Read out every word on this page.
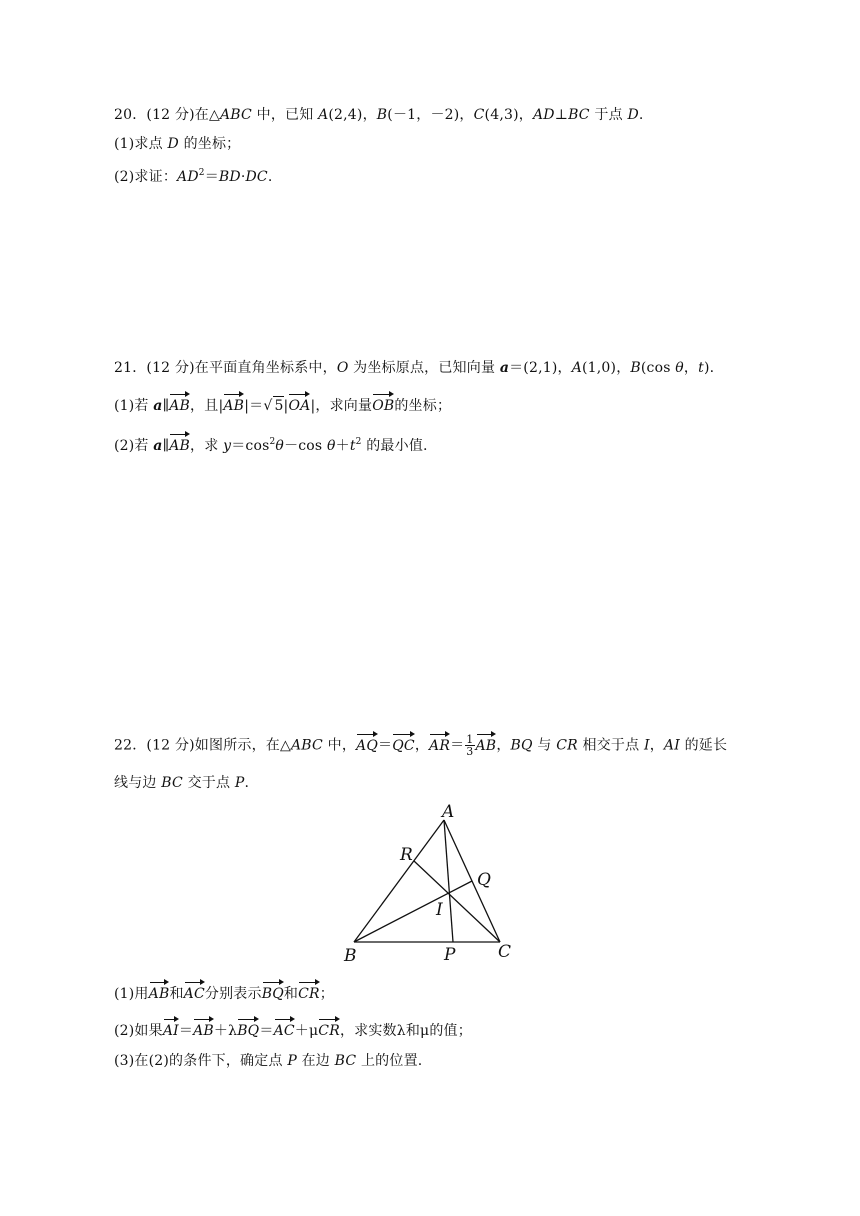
20．(12 分)在△ABC 中，已知 A(2,4)，B(－1，－2)，C(4,3)，AD⊥BC 于点 D.
(1)求点 D 的坐标；
(2)求证：$AD^2=BD\cdot DC$.
21．(12 分)在平面直角坐标系中，O 为坐标原点，已知向量 a＝(2,1)，A(1,0)，B(cos θ，t).
(1)若 a∥AB，且|AB|＝√ 5|OA|，求向量OB的坐标；
(2)若 a∥AB，求 $y=\cos^2\theta-\cos$ $\theta+t^2$ 的最小值.
22．(12 分)如图所示，在△ABC 中，AQ＝QC，$AR= \frac{1}{3}$ AB，BQ 与 CR 相交于点 I，AI 的延长
线与边 BC 交于点 P.
A
B	C
P
Q
R
I
(1)用AB和AC分别表示BQ和CR；
(2)如果AI＝AB＋λBQ＝AC＋μCR，求实数λ和μ的值；
(3)在(2)的条件下，确定点 P 在边 BC 上的位置.
